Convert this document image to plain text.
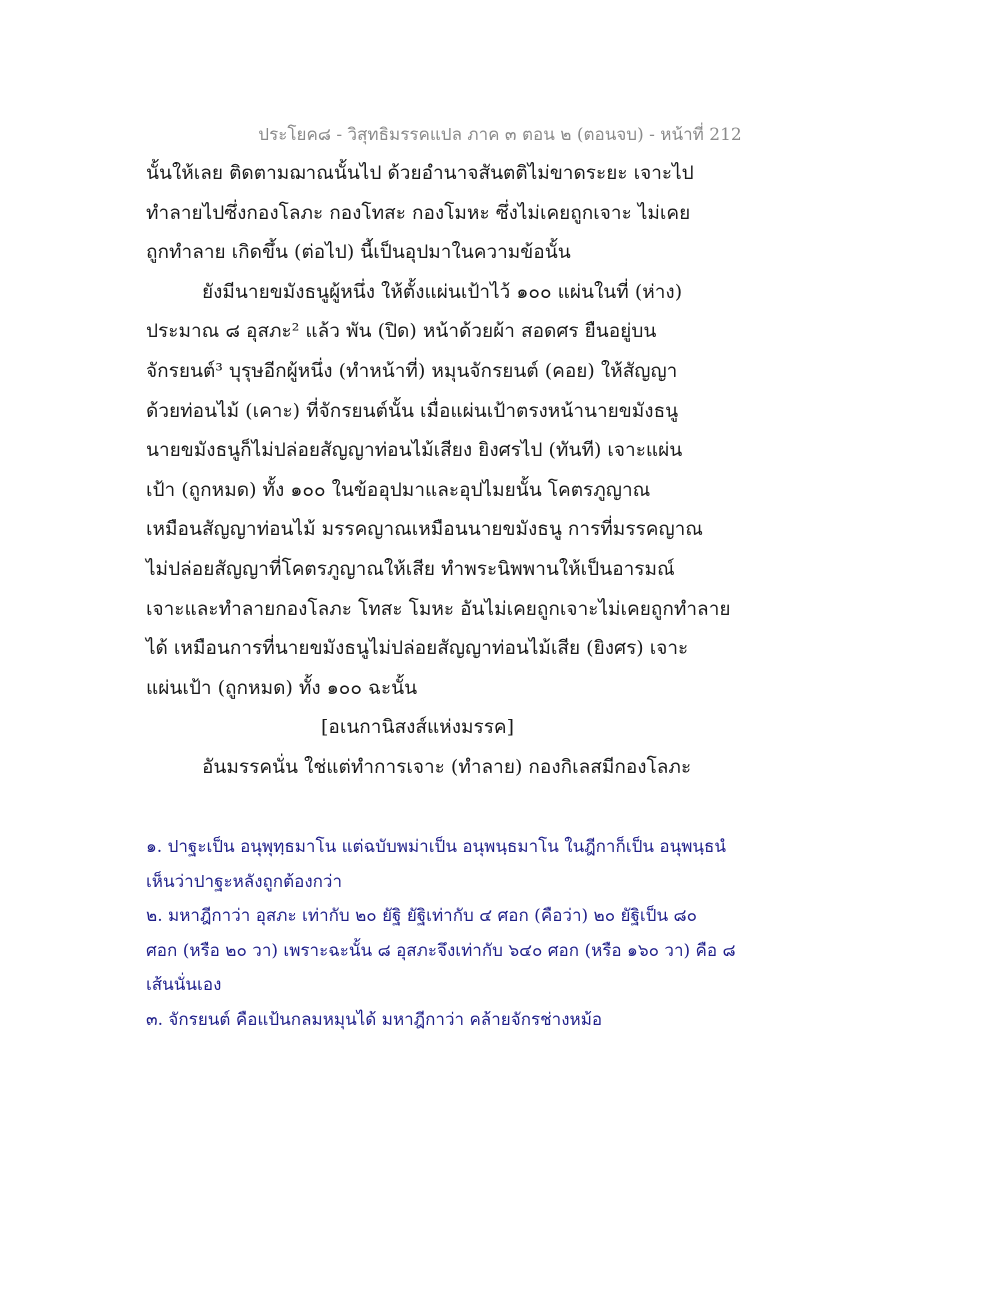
ประโยค๘ - วิสุทธิมรรคแปล ภาค ๓ ตอน ๒ (ตอนจบ) - หน้าที่ 212
นั้นให้เลย ติดตามฌาณนั้นไป ด้วยอำนาจสันตติไม่ขาดระยะ เจาะไป
ทำลายไปซึ่งกองโลภะ กองโทสะ กองโมหะ ซึ่งไม่เคยถูกเจาะ ไม่เคย
ถูกทำลาย เกิดขึ้น (ต่อไป) นี้เป็นอุปมาในความข้อนั้น
ยังมีนายขมังธนูผู้หนึ่ง ให้ตั้งแผ่นเป้าไว้ ๑๐๐ แผ่นในที่ (ห่าง)
ประมาณ ๘ อุสภะ² แล้ว พัน (ปิด) หน้าด้วยผ้า สอดศร ยืนอยู่บน
จักรยนต์³ บุรุษอีกผู้หนึ่ง (ทำหน้าที่) หมุนจักรยนต์ (คอย) ให้สัญญา
ด้วยท่อนไม้ (เคาะ) ที่จักรยนต์นั้น เมื่อแผ่นเป้าตรงหน้านายขมังธนู
นายขมังธนูก็ไม่ปล่อยสัญญาท่อนไม้เสียง ยิงศรไป (ทันที) เจาะแผ่น
เป้า (ถูกหมด) ทั้ง ๑๐๐ ในข้ออุปมาและอุปไมยนั้น โคตรภูญาณ
เหมือนสัญญาท่อนไม้ มรรคญาณเหมือนนายขมังธนู การที่มรรคญาณ
ไม่ปล่อยสัญญาที่โคตรภูญาณให้เสีย ทำพระนิพพานให้เป็นอารมณ์
เจาะและทำลายกองโลภะ โทสะ โมหะ อันไม่เคยถูกเจาะไม่เคยถูกทำลาย
ได้ เหมือนการที่นายขมังธนูไม่ปล่อยสัญญาท่อนไม้เสีย (ยิงศร) เจาะ
แผ่นเป้า (ถูกหมด) ทั้ง ๑๐๐ ฉะนั้น
[อเนกานิสงส์แห่งมรรค]
อันมรรคนั่น ใช่แต่ทำการเจาะ (ทำลาย) กองกิเลสมีกองโลภะ
๑. ปาฐะเป็น อนุพุทฺธมาโน แต่ฉบับพม่าเป็น อนุพนฺธมาโน ในฎีกาก็เป็น อนุพนฺธนํ
เห็นว่าปาฐะหลังถูกต้องกว่า
๒. มหาฎีกาว่า อุสภะ เท่ากับ ๒๐ ยัฐิ ยัฐิเท่ากับ ๔ ศอก (คือว่า) ๒๐ ยัฐิเป็น ๘๐
ศอก (หรือ ๒๐ วา) เพราะฉะนั้น ๘ อุสภะจึงเท่ากับ ๖๔๐ ศอก (หรือ ๑๖๐ วา) คือ ๘
เส้นนั่นเอง
๓. จักรยนต์ คือแป้นกลมหมุนได้ มหาฎีกาว่า คล้ายจักรช่างหม้อ
